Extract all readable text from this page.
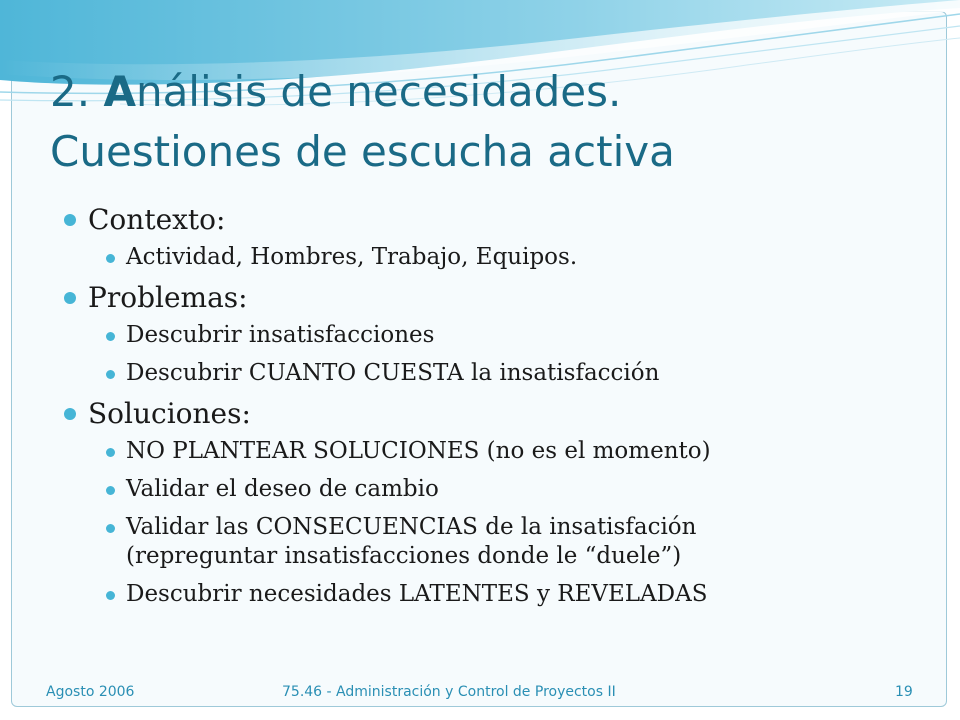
2. Análisis de necesidades.
Cuestiones de escucha activa

Contexto:

Actividad, Hombres, Trabajo, Equipos.

Problemas:

Descubrir insatisfacciones

Descubrir CUANTO CUESTA la insatisfacción

Soluciones:

NO PLANTEAR SOLUCIONES (no es el momento)

Validar el deseo de cambio

Validar las CONSECUENCIAS de la insatisfación
(repreguntar insatisfacciones donde le “duele”)

Descubrir necesidades LATENTES y REVELADAS

Agosto 2006	75.46 - Administración y Control de Proyectos II	19
